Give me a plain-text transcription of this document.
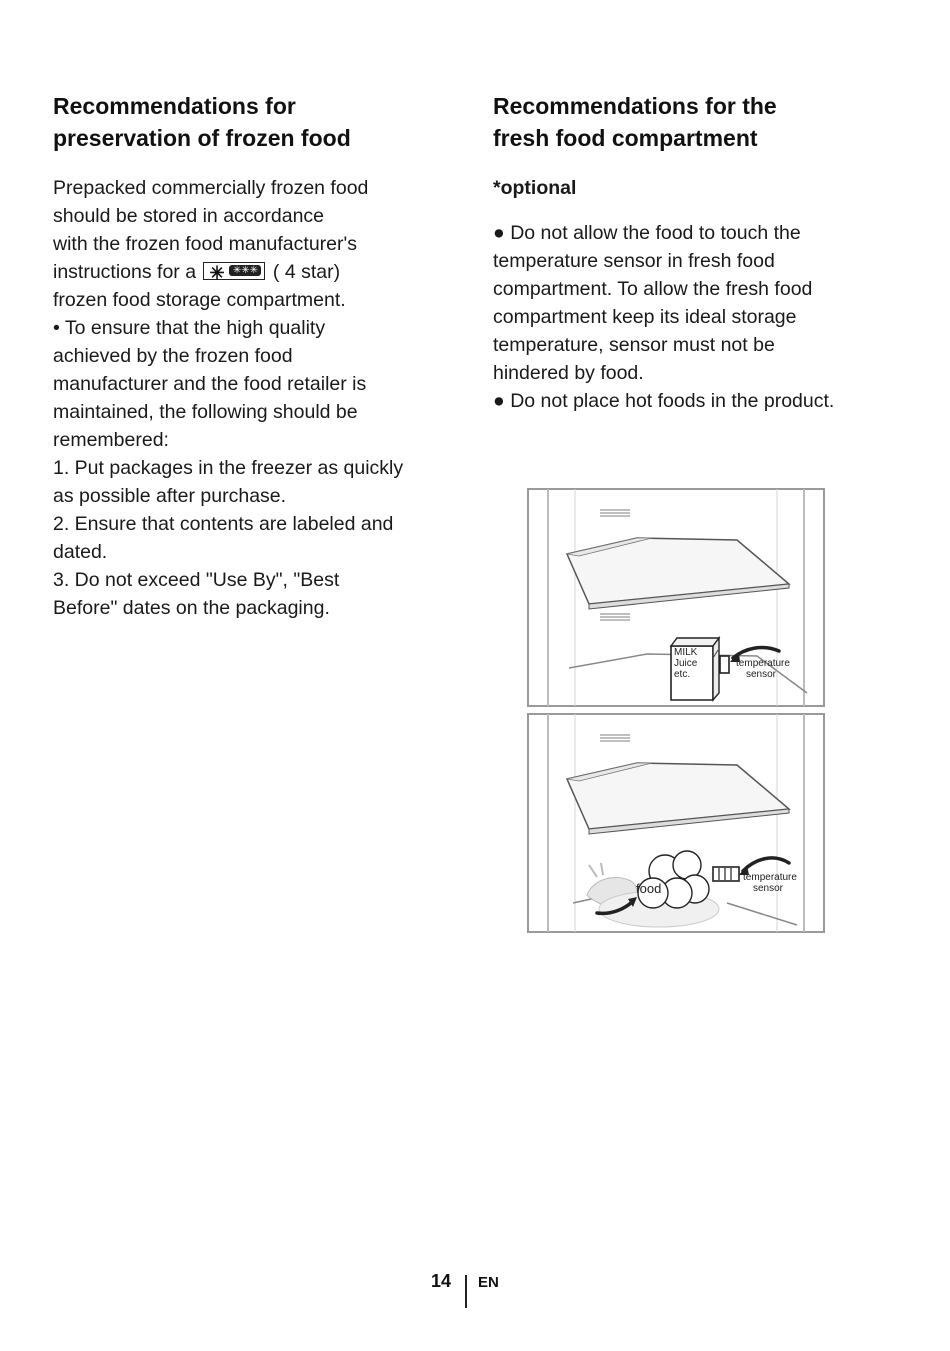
Recommendations for
preservation of frozen food
Prepacked commercially frozen food
should be stored in accordance
with the frozen food manufacturer's
instructions for a ✳ ✳✳✳ ( 4 star)
frozen food storage compartment.
• To ensure that the high quality
achieved by the frozen food
manufacturer and the food retailer is
maintained, the following should be
remembered:
1. Put packages in the freezer as quickly
as possible after purchase.
2. Ensure that contents are labeled and
dated.
3. Do not exceed "Use By", "Best
Before" dates on the packaging.
Recommendations for the
fresh food compartment
*optional
● Do not allow the food to touch the
temperature sensor in fresh food
compartment. To allow the fresh food
compartment keep its ideal storage
temperature, sensor must not be
hindered by food.
● Do not place hot foods in the product.
MILK
Juice
etc.
temperature
sensor
food
temperature
sensor
14 EN
